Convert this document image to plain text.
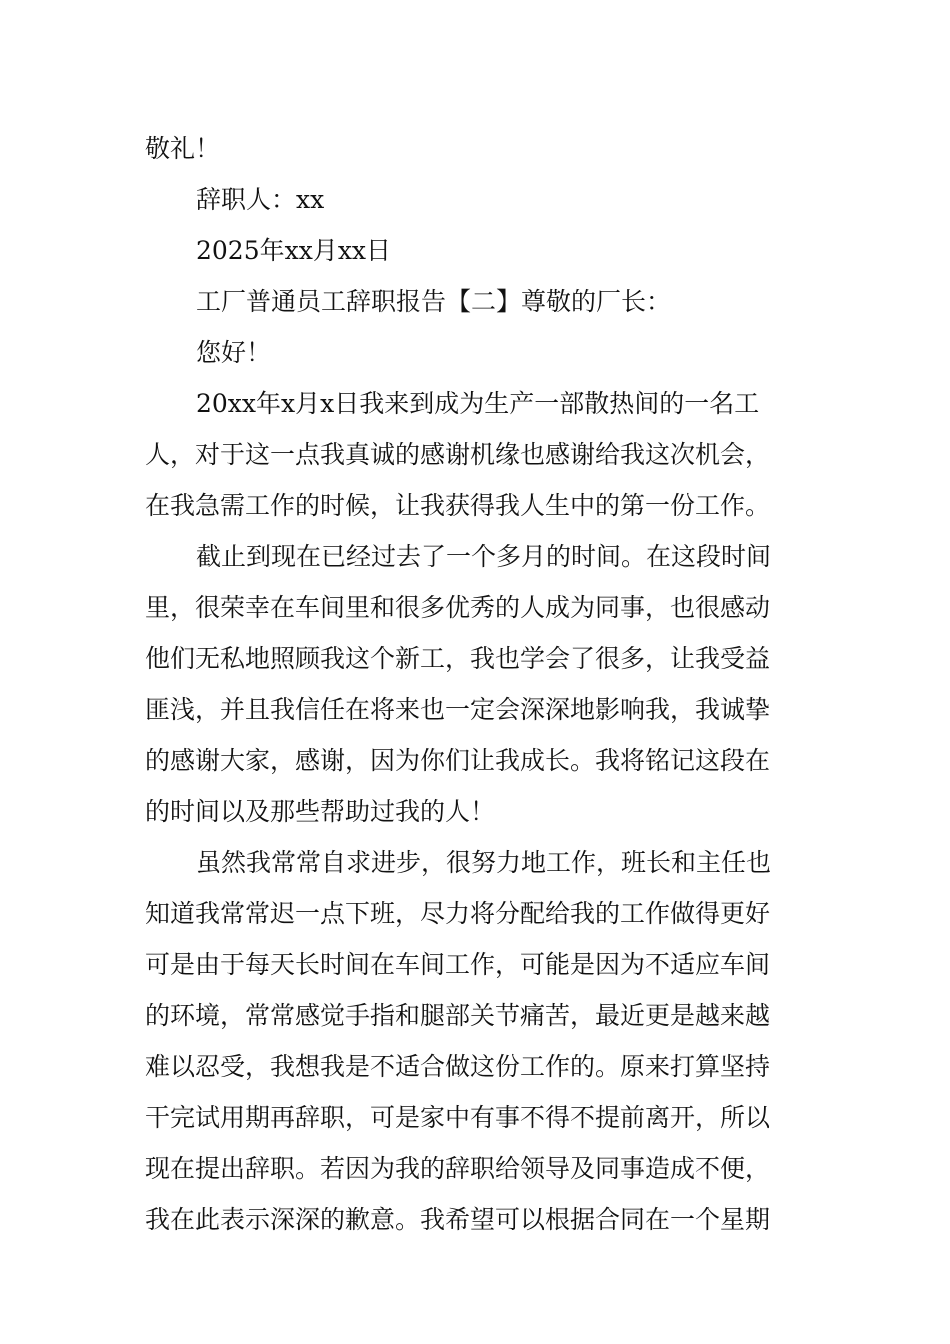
敬礼！
辞职人：xx
2025年xx月xx日
工厂普通员工辞职报告【二】尊敬的厂长：
您好！
20xx年x月x日我来到成为生产一部散热间的一名工
人，对于这一点我真诚的感谢机缘也感谢给我这次机会，
在我急需工作的时候，让我获得我人生中的第一份工作。
截止到现在已经过去了一个多月的时间。在这段时间
里，很荣幸在车间里和很多优秀的人成为同事，也很感动
他们无私地照顾我这个新工，我也学会了很多，让我受益
匪浅，并且我信任在将来也一定会深深地影响我，我诚挚
的感谢大家，感谢，因为你们让我成长。我将铭记这段在
的时间以及那些帮助过我的人！
虽然我常常自求进步，很努力地工作，班长和主任也
知道我常常迟一点下班，尽力将分配给我的工作做得更好
可是由于每天长时间在车间工作，可能是因为不适应车间
的环境，常常感觉手指和腿部关节痛苦，最近更是越来越
难以忍受，我想我是不适合做这份工作的。原来打算坚持
干完试用期再辞职，可是家中有事不得不提前离开，所以
现在提出辞职。若因为我的辞职给领导及同事造成不便，
我在此表示深深的歉意。我希望可以根据合同在一个星期
